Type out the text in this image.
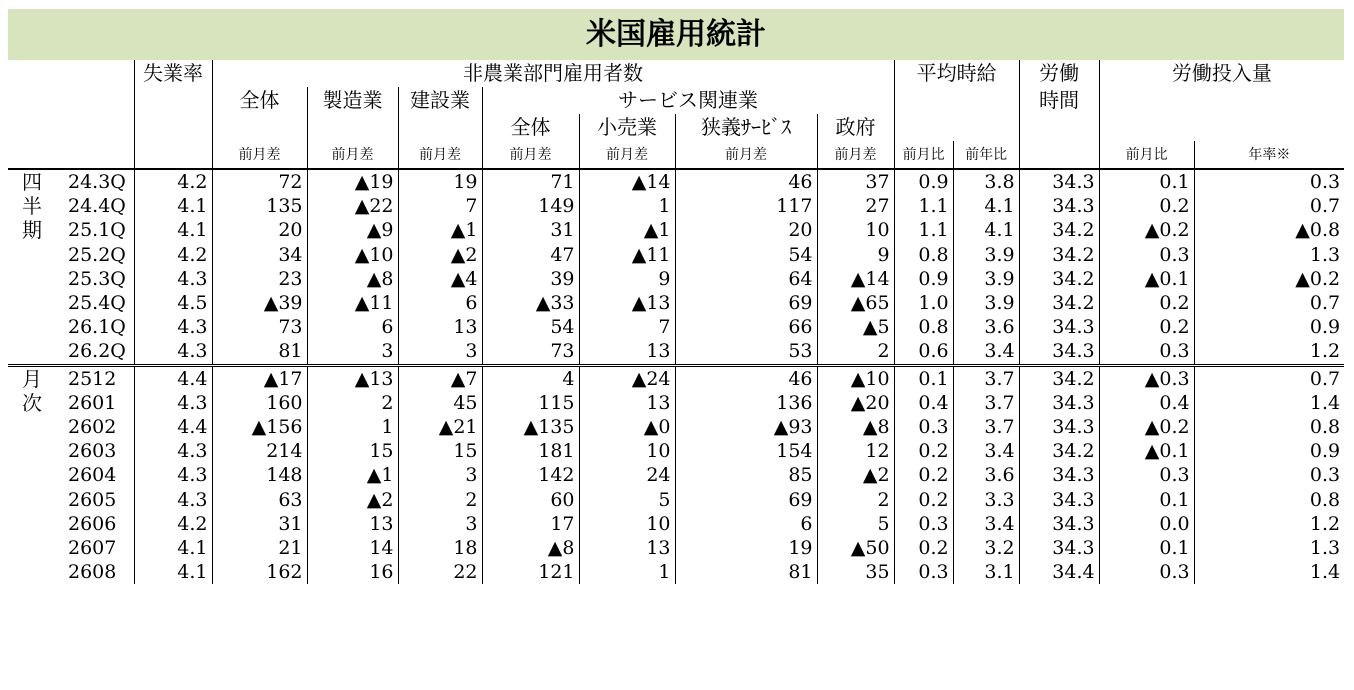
米国雇用統計
		失業率	非農業部門雇用者数							平均時給		労働	労働投入量	
			全体	製造業	建設業	サービス関連業						時間		
						全体	小売業	狭義ｻｰﾋﾞｽ	政府					
			前月差	前月差	前月差	前月差	前月差	前月差	前月差	前月比	前年比		前月比	年率※
四	24.3Q	4.2	72	▲19	19	71	▲14	46	37	0.9	3.8	34.3	0.1	0.3
半	24.4Q	4.1	135	▲22	7	149	1	117	27	1.1	4.1	34.3	0.2	0.7
期	25.1Q	4.1	20	▲9	▲1	31	▲1	20	10	1.1	4.1	34.2	▲0.2	▲0.8
	25.2Q	4.2	34	▲10	▲2	47	▲11	54	9	0.8	3.9	34.2	0.3	1.3
	25.3Q	4.3	23	▲8	▲4	39	9	64	▲14	0.9	3.9	34.2	▲0.1	▲0.2
	25.4Q	4.5	▲39	▲11	6	▲33	▲13	69	▲65	1.0	3.9	34.2	0.2	0.7
	26.1Q	4.3	73	6	13	54	7	66	▲5	0.8	3.6	34.3	0.2	0.9
	26.2Q	4.3	81	3	3	73	13	53	2	0.6	3.4	34.3	0.3	1.2
月	2512	4.4	▲17	▲13	▲7	4	▲24	46	▲10	0.1	3.7	34.2	▲0.3	0.7
次	2601	4.3	160	2	45	115	13	136	▲20	0.4	3.7	34.3	0.4	1.4
	2602	4.4	▲156	1	▲21	▲135	▲0	▲93	▲8	0.3	3.7	34.3	▲0.2	0.8
	2603	4.3	214	15	15	181	10	154	12	0.2	3.4	34.2	▲0.1	0.9
	2604	4.3	148	▲1	3	142	24	85	▲2	0.2	3.6	34.3	0.3	0.3
	2605	4.3	63	▲2	2	60	5	69	2	0.2	3.3	34.3	0.1	0.8
	2606	4.2	31	13	3	17	10	6	5	0.3	3.4	34.3	0.0	1.2
	2607	4.1	21	14	18	▲8	13	19	▲50	0.2	3.2	34.3	0.1	1.3
	2608	4.1	162	16	22	121	1	81	35	0.3	3.1	34.4	0.3	1.4
